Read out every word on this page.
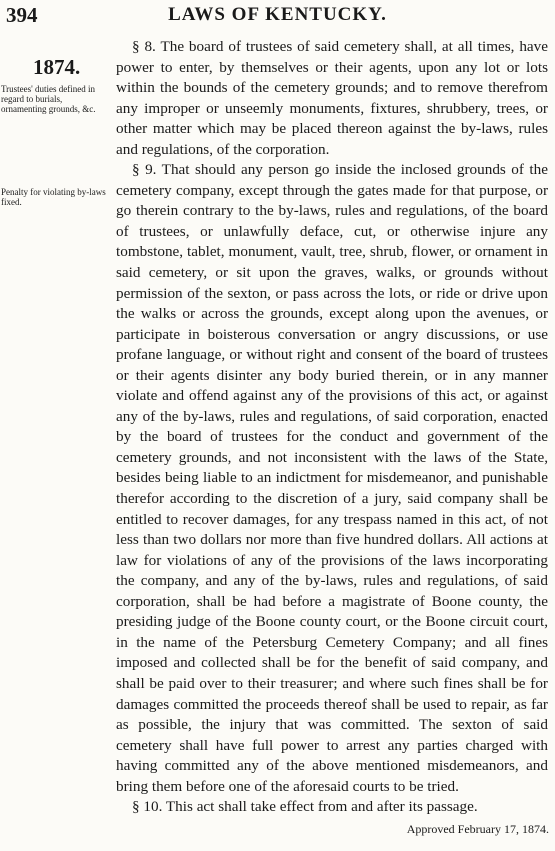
394	LAWS OF KENTUCKY.
1874.
Trustees' duties defined in regard to burials, ornamenting grounds, &c.
Penalty for violating by-laws fixed.

§ 8. The board of trustees of said cemetery shall, at all times, have power to enter, by themselves or their agents, upon any lot or lots within the bounds of the cemetery grounds; and to remove therefrom any improper or unseemly monuments, fixtures, shrubbery, trees, or other matter which may be placed thereon against the by-laws, rules and regulations, of the corporation.

§ 9. That should any person go inside the inclosed grounds of the cemetery company, except through the gates made for that purpose, or go therein contrary to the by-laws, rules and regulations, of the board of trustees, or unlawfully deface, cut, or otherwise injure any tombstone, tablet, monument, vault, tree, shrub, flower, or ornament in said cemetery, or sit upon the graves, walks, or grounds without permission of the sexton, or pass across the lots, or ride or drive upon the walks or across the grounds, except along upon the avenues, or participate in boisterous conversation or angry discussions, or use profane language, or without right and consent of the board of trustees or their agents disinter any body buried therein, or in any manner violate and offend against any of the provisions of this act, or against any of the by-laws, rules and regulations, of said corporation, enacted by the board of trustees for the conduct and government of the cemetery grounds, and not inconsistent with the laws of the State, besides being liable to an indictment for misdemeanor, and punishable therefor according to the discretion of a jury, said company shall be entitled to recover damages, for any trespass named in this act, of not less than two dollars nor more than five hundred dollars. All actions at law for violations of any of the provisions of the laws incorporating the company, and any of the by-laws, rules and regulations, of said corporation, shall be had before a magistrate of Boone county, the presiding judge of the Boone county court, or the Boone circuit court, in the name of the Petersburg Cemetery Company; and all fines imposed and collected shall be for the benefit of said company, and shall be paid over to their treasurer; and where such fines shall be for damages committed the proceeds thereof shall be used to repair, as far as possible, the injury that was committed. The sexton of said cemetery shall have full power to arrest any parties charged with having committed any of the above mentioned misdemeanors, and bring them before one of the aforesaid courts to be tried.

§ 10. This act shall take effect from and after its passage.

Approved February 17, 1874.
